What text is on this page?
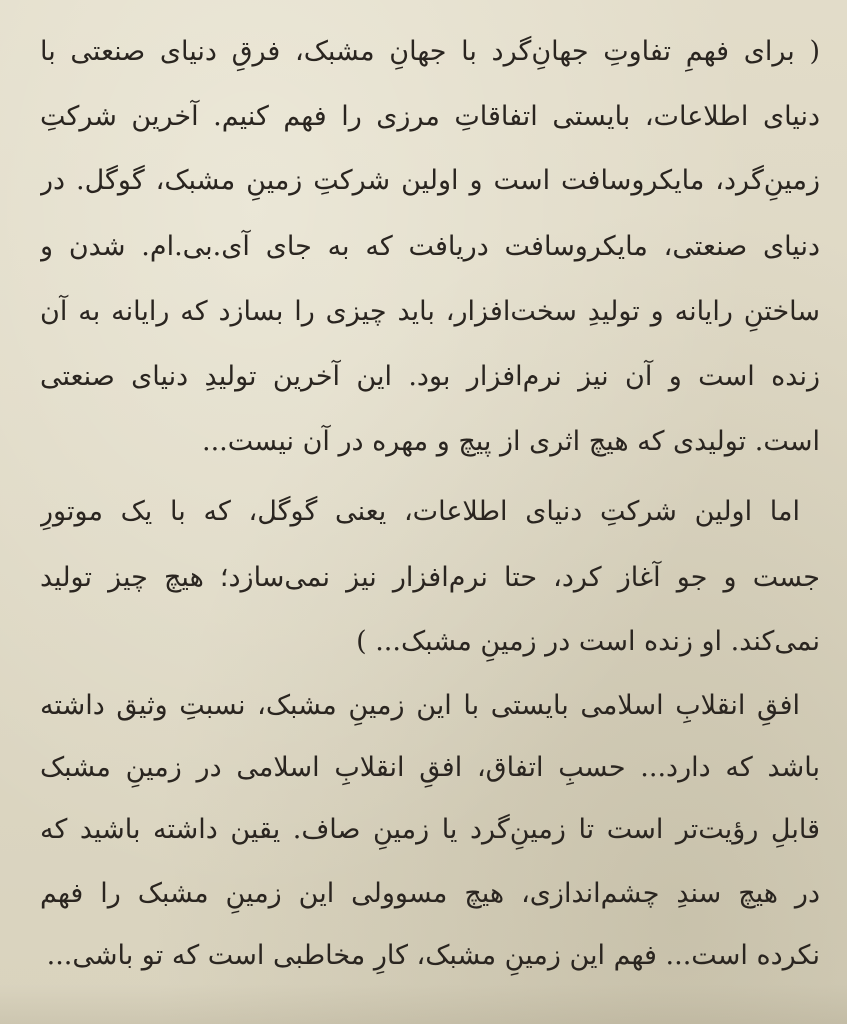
( برای فهمِ تفاوتِ جهانِ‌گرد با جهانِ مشبک، فرقِ دنیای صنعتی با
دنیای اطلاعات، بایستی اتفاقاتِ مرزی را فهم کنیم. آخرین شرکتِ
زمینِ‌گرد، مایکروسافت است و اولین شرکتِ زمینِ مشبک، گوگل. در
دنیای صنعتی، مایکروسافت دریافت که به جای آی.بی.ام. شدن و
ساختنِ رایانه و تولیدِ سخت‌افزار، باید چیزی را بسازد که رایانه به آن
زنده است و آن نیز نرم‌افزار بود. این آخرین تولیدِ دنیای صنعتی
است. تولیدی که هیچ اثری از پیچ و مهره در آن نیست...
اما اولین شرکتِ دنیای اطلاعات، یعنی گوگل، که با یک موتورِ
جست و جو آغاز کرد، حتا نرم‌افزار نیز نمی‌سازد؛ هیچ چیز تولید
نمی‌کند. او زنده است در زمینِ مشبک... )
افقِ انقلابِ اسلامی بایستی با این زمینِ مشبک، نسبتِ وثیق داشته
باشد که دارد... حسبِ اتفاق، افقِ انقلابِ اسلامی در زمینِ مشبک
قابلِ رؤیت‌تر است تا زمینِ‌گرد یا زمینِ صاف. یقین داشته باشید که
در هیچ سندِ چشم‌اندازی، هیچ مسوولی این زمینِ مشبک را فهم
نکرده است... فهم این زمینِ مشبک، کارِ مخاطبی است که تو باشی...
